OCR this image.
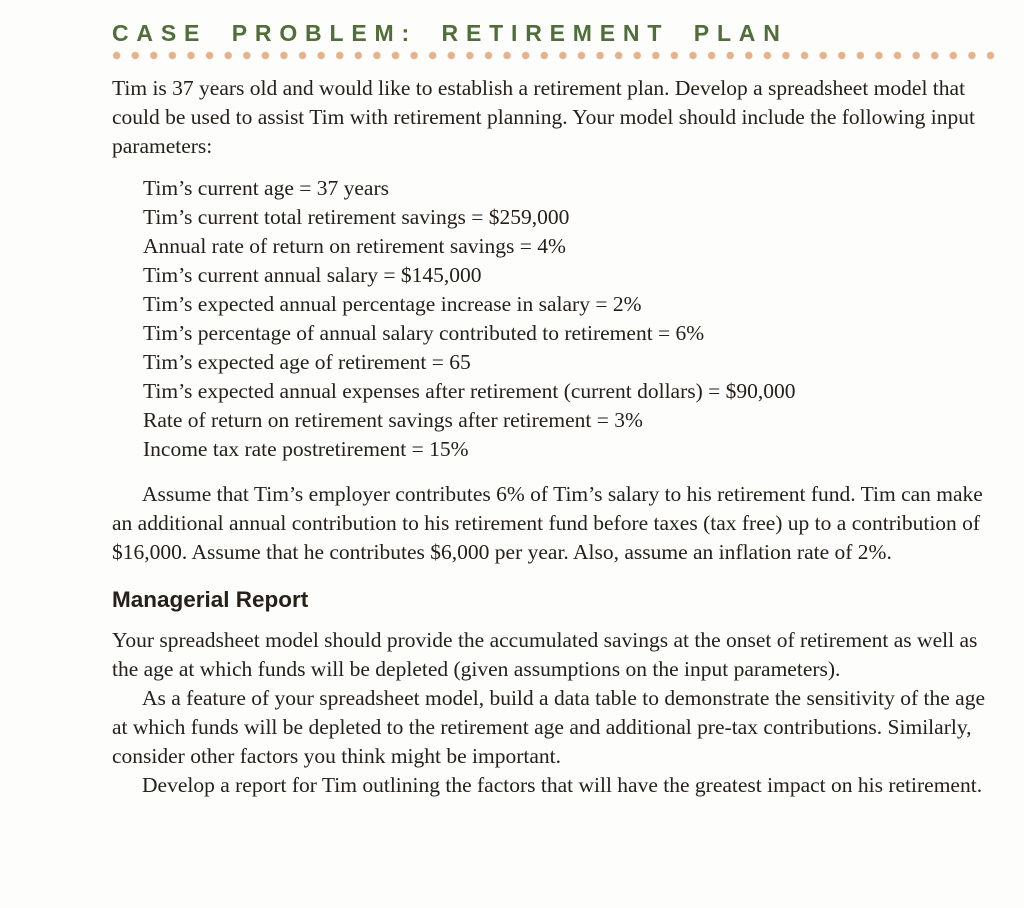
CASE PROBLEM: RETIREMENT PLAN

Tim is 37 years old and would like to establish a retirement plan. Develop a spreadsheet model that could be used to assist Tim with retirement planning. Your model should include the following input parameters:

Tim’s current age = 37 years
Tim’s current total retirement savings = $259,000
Annual rate of return on retirement savings = 4%
Tim’s current annual salary = $145,000
Tim’s expected annual percentage increase in salary = 2%
Tim’s percentage of annual salary contributed to retirement = 6%
Tim’s expected age of retirement = 65
Tim’s expected annual expenses after retirement (current dollars) = $90,000
Rate of return on retirement savings after retirement = 3%
Income tax rate postretirement = 15%

Assume that Tim’s employer contributes 6% of Tim’s salary to his retirement fund. Tim can make an additional annual contribution to his retirement fund before taxes (tax free) up to a contribution of $16,000. Assume that he contributes $6,000 per year. Also, assume an inflation rate of 2%.

Managerial Report

Your spreadsheet model should provide the accumulated savings at the onset of retirement as well as the age at which funds will be depleted (given assumptions on the input parameters).

As a feature of your spreadsheet model, build a data table to demonstrate the sensitivity of the age at which funds will be depleted to the retirement age and additional pre-tax contributions. Similarly, consider other factors you think might be important.

Develop a report for Tim outlining the factors that will have the greatest impact on his retirement.
